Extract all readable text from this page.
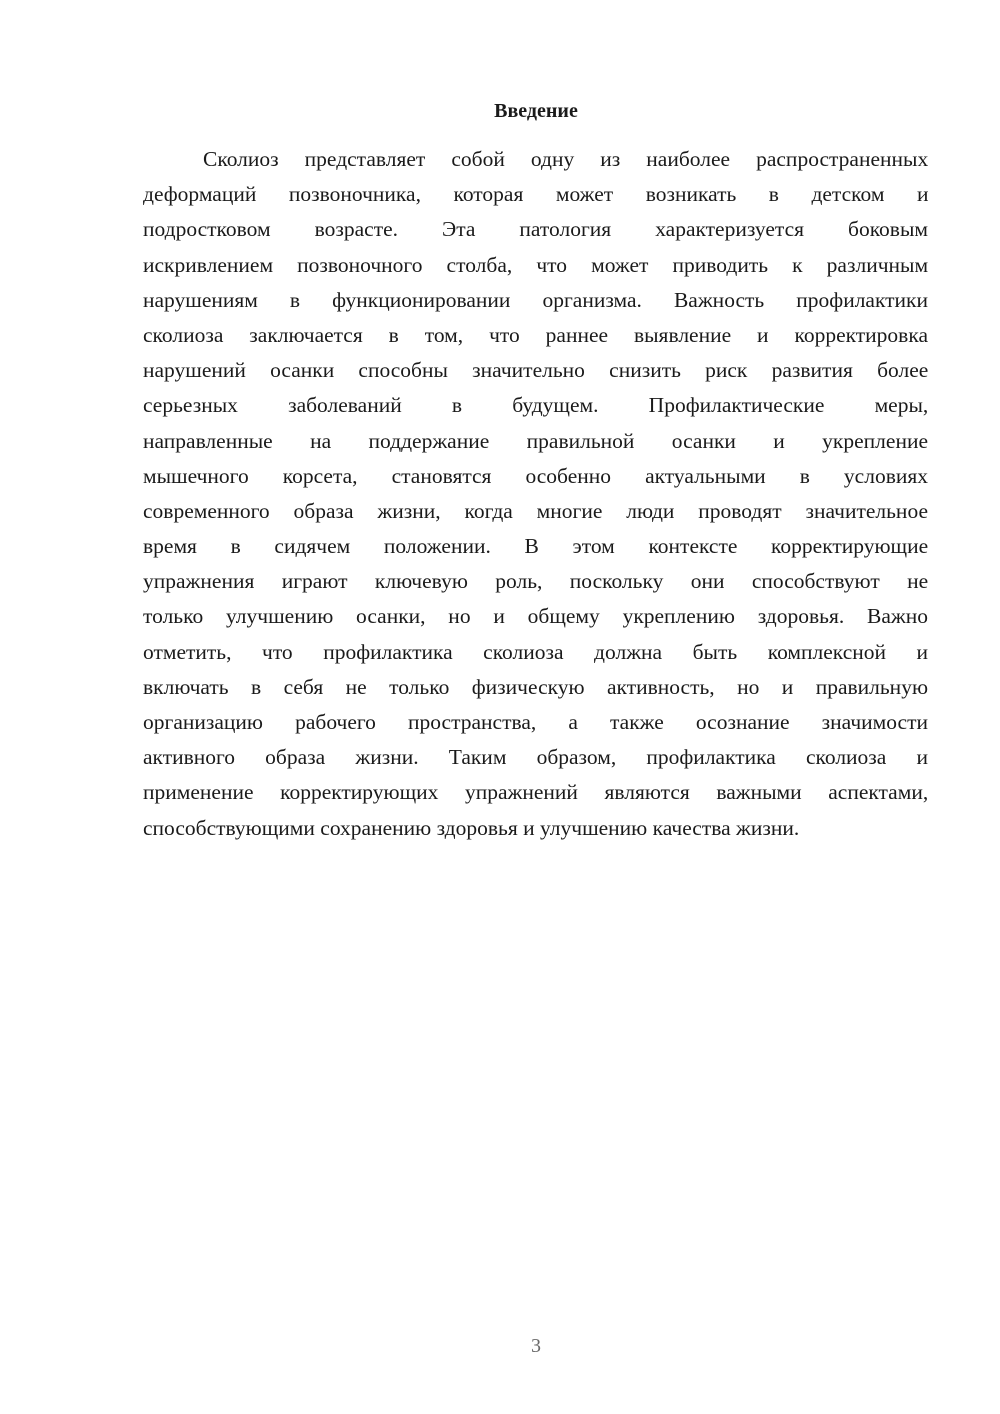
Введение
Сколиоз представляет собой одну из наиболее распространенных
деформаций позвоночника, которая может возникать в детском и
подростковом возрасте. Эта патология характеризуется боковым
искривлением позвоночного столба, что может приводить к различным
нарушениям в функционировании организма. Важность профилактики
сколиоза заключается в том, что раннее выявление и корректировка
нарушений осанки способны значительно снизить риск развития более
серьезных заболеваний в будущем. Профилактические меры,
направленные на поддержание правильной осанки и укрепление
мышечного корсета, становятся особенно актуальными в условиях
современного образа жизни, когда многие люди проводят значительное
время в сидячем положении. В этом контексте корректирующие
упражнения играют ключевую роль, поскольку они способствуют не
только улучшению осанки, но и общему укреплению здоровья. Важно
отметить, что профилактика сколиоза должна быть комплексной и
включать в себя не только физическую активность, но и правильную
организацию рабочего пространства, а также осознание значимости
активного образа жизни. Таким образом, профилактика сколиоза и
применение корректирующих упражнений являются важными аспектами,
способствующими сохранению здоровья и улучшению качества жизни.
3
